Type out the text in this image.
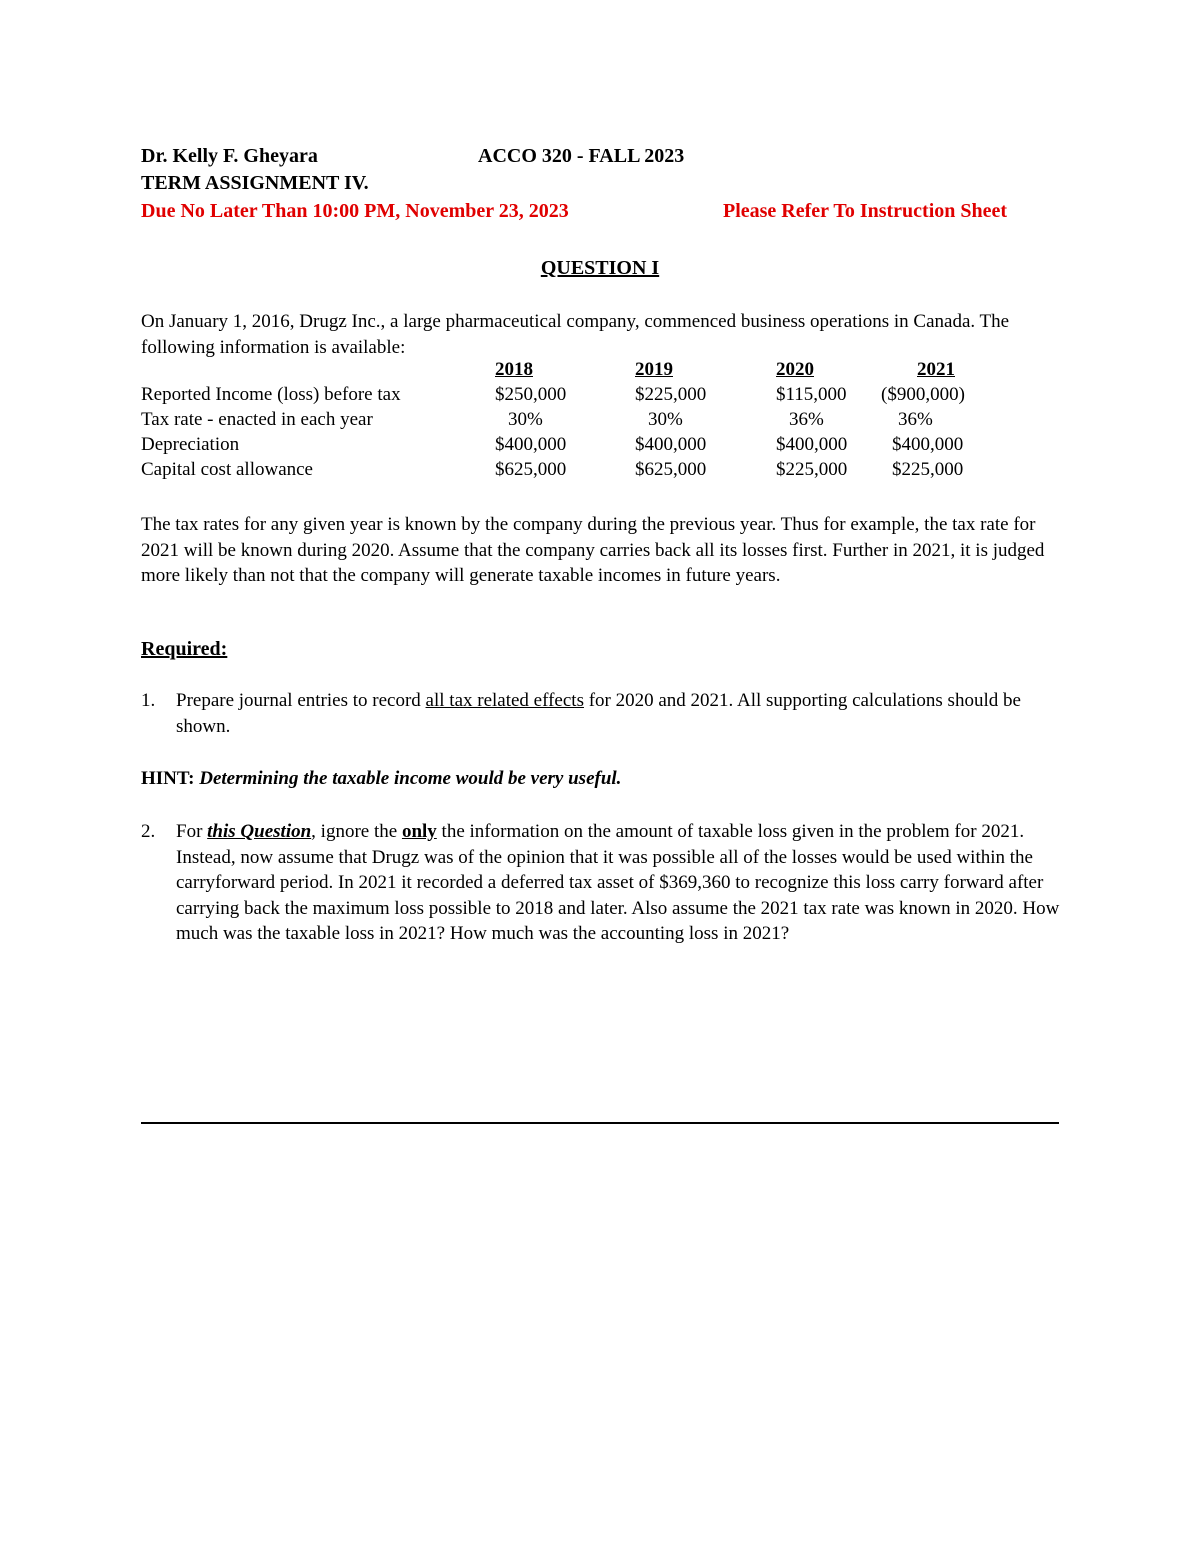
Dr. Kelly F. Gheyara	ACCO 320 - FALL 2023
TERM ASSIGNMENT IV.
Due No Later Than 10:00 PM, November 23, 2023	Please Refer To Instruction Sheet
QUESTION I
On January 1, 2016, Drugz Inc., a large pharmaceutical company, commenced business operations in Canada. The following information is available:
2018	2019	2020	2021
Reported Income (loss) before tax	$250,000	$225,000	$115,000 ($900,000)
Tax rate - enacted in each year	30%	30%	36%	36%
Depreciation	$400,000	$400,000	$400,000 $400,000
Capital cost allowance	$625,000	$625,000	$225,000 $225,000
The tax rates for any given year is known by the company during the previous year. Thus for example, the tax rate for 2021 will be known during 2020. Assume that the company carries back all its losses first. Further in 2021, it is judged more likely than not that the company will generate taxable incomes in future years.
Required:
1. Prepare journal entries to record all tax related effects for 2020 and 2021. All supporting calculations should be shown.
HINT: Determining the taxable income would be very useful.
2. For this Question, ignore the only the information on the amount of taxable loss given in the problem for 2021. Instead, now assume that Drugz was of the opinion that it was possible all of the losses would be used within the carryforward period. In 2021 it recorded a deferred tax asset of $369,360 to recognize this loss carry forward after carrying back the maximum loss possible to 2018 and later. Also assume the 2021 tax rate was known in 2020. How much was the taxable loss in 2021? How much was the accounting loss in 2021?
